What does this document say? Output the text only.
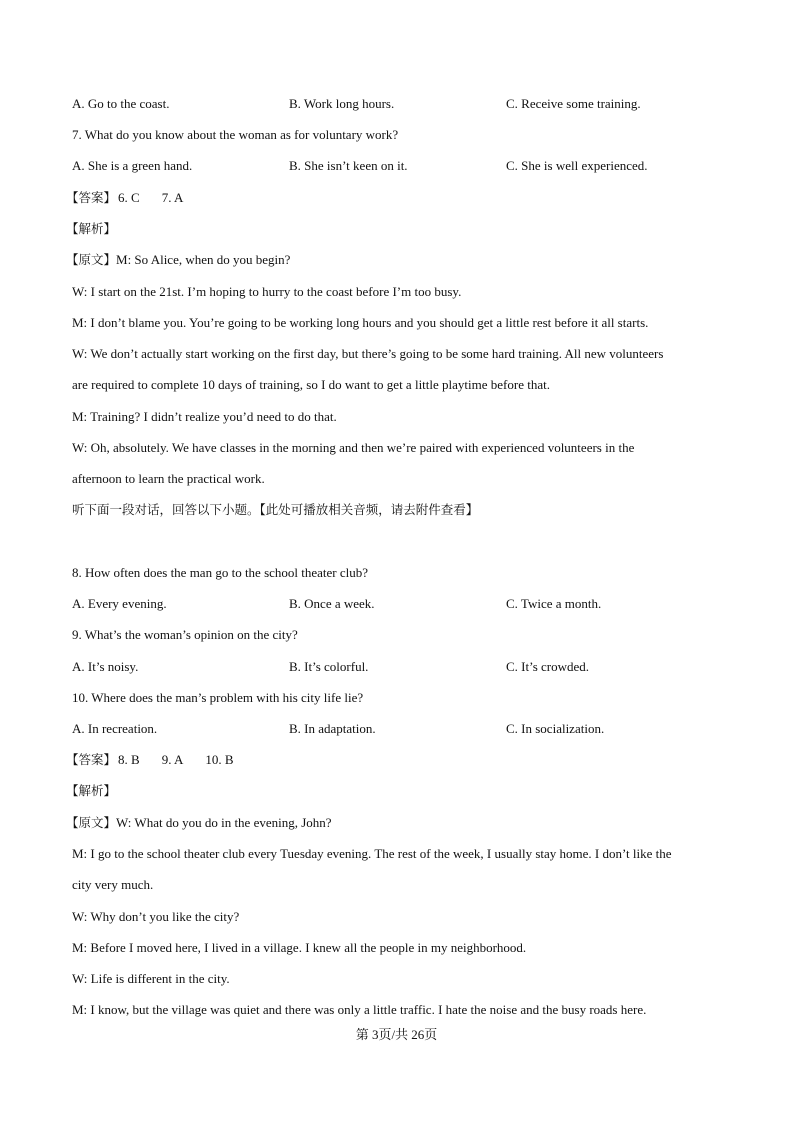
A. Go to the coast.	B. Work long hours.	C. Receive some training.
7. What do you know about the woman as for voluntary work?
A. She is a green hand.	B. She isn’t keen on it.	C. She is well experienced.
【答案】 6. C 7. A
【解析】
【原文】M: So Alice, when do you begin?
W: I start on the 21st. I’m hoping to hurry to the coast before I’m too busy.
M: I don’t blame you. You’re going to be working long hours and you should get a little rest before it all starts.
W: We don’t actually start working on the first day, but there’s going to be some hard training. All new volunteers
are required to complete 10 days of training, so I do want to get a little playtime before that.
M: Training? I didn’t realize you’d need to do that.
W: Oh, absolutely. We have classes in the morning and then we’re paired with experienced volunteers in the
afternoon to learn the practical work.
听下面一段对话，回答以下小题。【此处可播放相关音频，请去附件查看】
8. How often does the man go to the school theater club?
A. Every evening.	B. Once a week.	C. Twice a month.
9. What’s the woman’s opinion on the city?
A. It’s noisy.	B. It’s colorful.	C. It’s crowded.
10. Where does the man’s problem with his city life lie?
A. In recreation.	B. In adaptation.	C. In socialization.
【答案】 8. B 9. A 10. B
【解析】
【原文】W: What do you do in the evening, John?
M: I go to the school theater club every Tuesday evening. The rest of the week, I usually stay home. I don’t like the
city very much.
W: Why don’t you like the city?
M: Before I moved here, I lived in a village. I knew all the people in my neighborhood.
W: Life is different in the city.
M: I know, but the village was quiet and there was only a little traffic. I hate the noise and the busy roads here.
第 3页/共 26页
